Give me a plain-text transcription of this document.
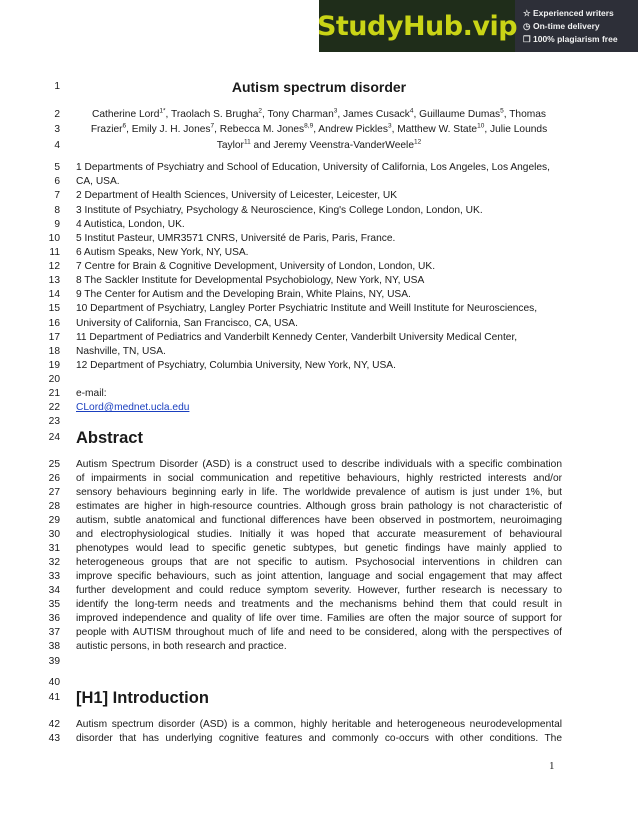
StudyHub.vip ☆ Experienced writers
◷ On-time delivery
❐ 100% plagiarism free
1	Autism spectrum disorder
2	Catherine Lord$^{1*}$, Traolach S. Brugha$^2$, Tony Charman$^3$, James Cusack$^4$, Guillaume Dumas$^5$, Thomas
3	Frazier$^6$, Emily J. H. Jones$^7$, Rebecca M. Jones$^{8,9}$, Andrew Pickles$^3$, Matthew W. State$^{10}$, Julie Lounds
4	Taylor$^{11}$ and Jeremy Veenstra-VanderWeele$^{12}$
5 1 Departments of Psychiatry and School of Education, University of California, Los Angeles, Los Angeles,
6 CA, USA.
7 2 Department of Health Sciences, University of Leicester, Leicester, UK
8 3 Institute of Psychiatry, Psychology & Neuroscience, King's College London, London, UK.
9 4 Autistica, London, UK.
10 5 Institut Pasteur, UMR3571 CNRS, Université de Paris, Paris, France.
11 6 Autism Speaks, New York, NY, USA.
12 7 Centre for Brain & Cognitive Development, University of London, London, UK.
13 8 The Sackler Institute for Developmental Psychobiology, New York, NY, USA
14 9 The Center for Autism and the Developing Brain, White Plains, NY, USA.
15 10 Department of Psychiatry, Langley Porter Psychiatric Institute and Weill Institute for Neurosciences,
16 University of California, San Francisco, CA, USA.
17 11 Department of Pediatrics and Vanderbilt Kennedy Center, Vanderbilt University Medical Center,
18 Nashville, TN, USA.
19 12 Department of Psychiatry, Columbia University, New York, NY, USA.
20
21 e-mail:
22 CLord@mednet.ucla.edu
23
24 Abstract
25 Autism Spectrum Disorder (ASD) is a construct used to describe individuals with a specific combination
26 of impairments in social communication and repetitive behaviours, highly restricted interests and/or
27 sensory behaviours beginning early in life. The worldwide prevalence of autism is just under 1%, but
28 estimates are higher in high-resource countries. Although gross brain pathology is not characteristic of
29 autism, subtle anatomical and functional differences have been observed in postmortem, neuroimaging
30 and electrophysiological studies. Initially it was hoped that accurate measurement of behavioural
31 phenotypes would lead to specific genetic subtypes, but genetic findings have mainly applied to
32 heterogeneous groups that are not specific to autism. Psychosocial interventions in children can
33 improve specific behaviours, such as joint attention, language and social engagement that may affect
34 further development and could reduce symptom severity. However, further research is necessary to
35 identify the long-term needs and treatments and the mechanisms behind them that could result in
36 improved independence and quality of life over time. Families are often the major source of support for
37 people with AUTISM throughout much of life and need to be considered, along with the perspectives of
38 autistic persons, in both research and practice.
39
40
41 [H1] Introduction
42 Autism spectrum disorder (ASD) is a common, highly heritable and heterogeneous neurodevelopmental
43 disorder that has underlying cognitive features and commonly co-occurs with other conditions. The
1
